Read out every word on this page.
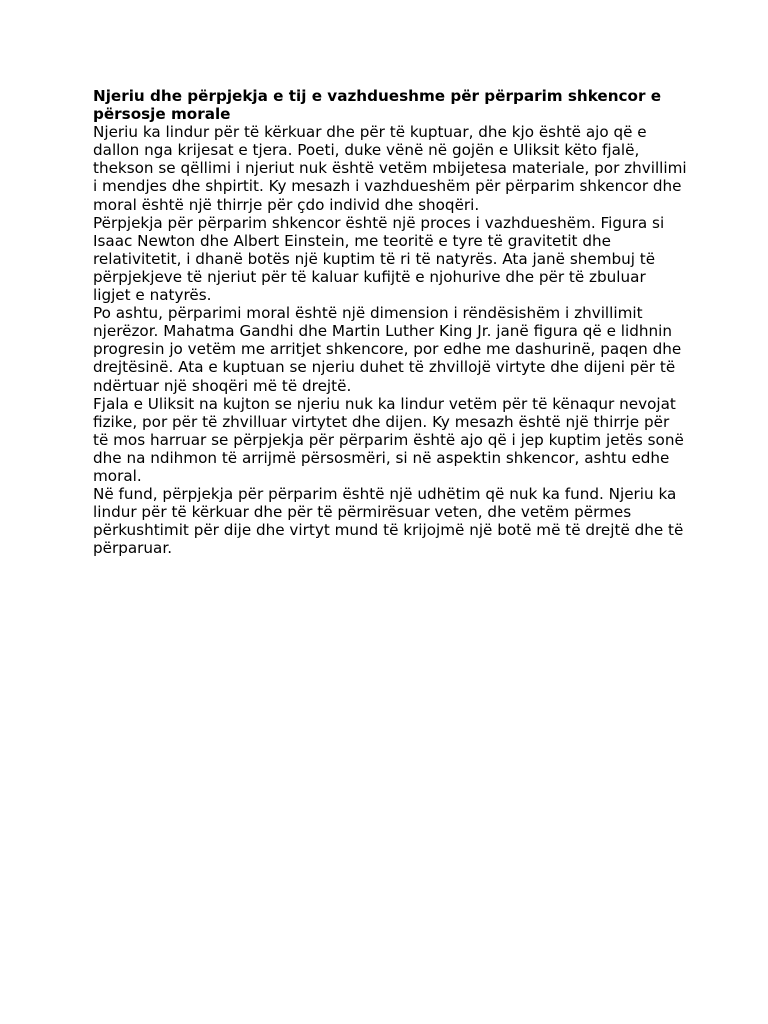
Njeriu dhe përpjekja e tij e vazhdueshme për përparim shkencor e përsosje morale

Njeriu ka lindur për të kërkuar dhe për të kuptuar, dhe kjo është ajo që e dallon nga krijesat e tjera. Poeti, duke vënë në gojën e Uliksit këto fjalë, thekson se qëllimi i njeriut nuk është vetëm mbijetesa materiale, por zhvillimi i mendjes dhe shpirtit. Ky mesazh i vazhdueshëm për përparim shkencor dhe moral është një thirrje për çdo individ dhe shoqëri.

Përpjekja për përparim shkencor është një proces i vazhdueshëm. Figura si Isaac Newton dhe Albert Einstein, me teoritë e tyre të gravitetit dhe relativitetit, i dhanë botës një kuptim të ri të natyrës. Ata janë shembuj të përpjekjeve të njeriut për të kaluar kufijtë e njohurive dhe për të zbuluar ligjet e natyrës.

Po ashtu, përparimi moral është një dimension i rëndësishëm i zhvillimit njerëzor. Mahatma Gandhi dhe Martin Luther King Jr. janë figura që e lidhnin progresin jo vetëm me arritjet shkencore, por edhe me dashurinë, paqen dhe drejtësinë. Ata e kuptuan se njeriu duhet të zhvillojë virtyte dhe dijeni për të ndërtuar një shoqëri më të drejtë.

Fjala e Uliksit na kujton se njeriu nuk ka lindur vetëm për të kënaqur nevojat fizike, por për të zhvilluar virtytet dhe dijen. Ky mesazh është një thirrje për të mos harruar se përpjekja për përparim është ajo që i jep kuptim jetës sonë dhe na ndihmon të arrijmë përsosmëri, si në aspektin shkencor, ashtu edhe moral.

Në fund, përpjekja për përparim është një udhëtim që nuk ka fund. Njeriu ka lindur për të kërkuar dhe për të përmirësuar veten, dhe vetëm përmes përkushtimit për dije dhe virtyt mund të krijojmë një botë më të drejtë dhe të përparuar.
